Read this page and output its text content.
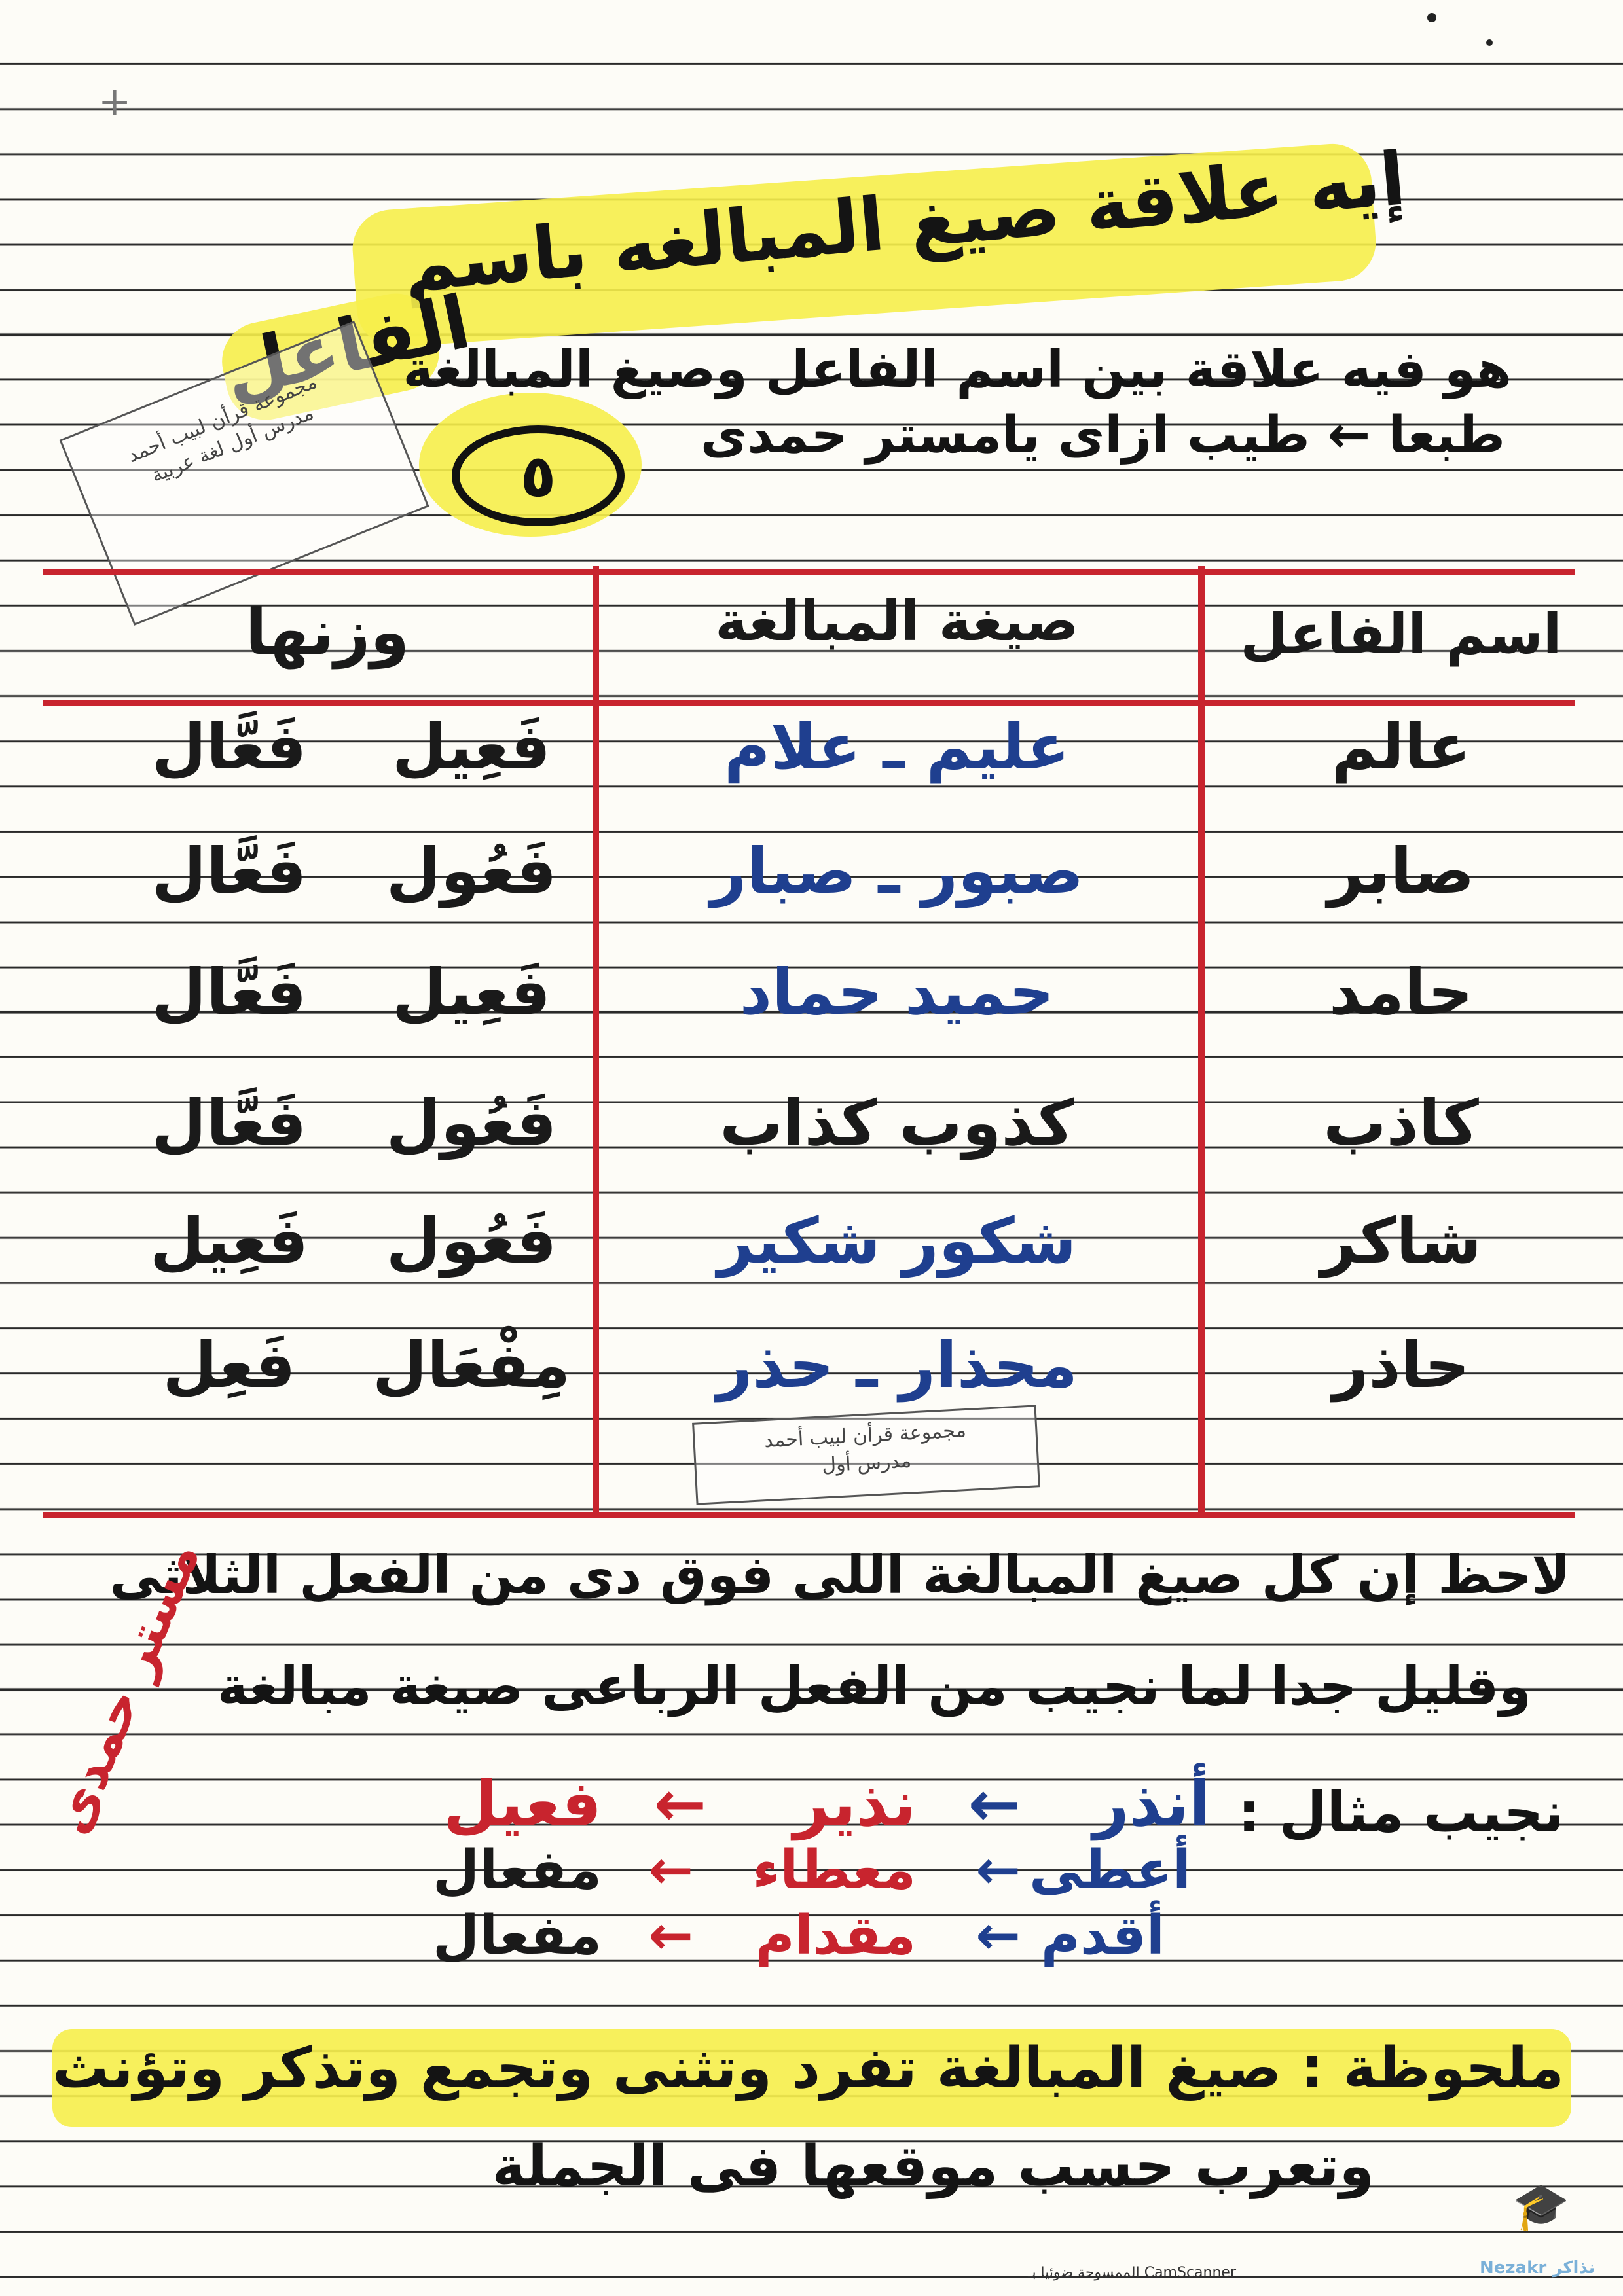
+
إيه علاقة صيغ المبالغه باسم
الفاعل
مجموعة قرأن لبيب أحمد
مدرس أول لغة عربية	٥
هو فيه علاقة بين اسم الفاعل وصيغ المبالغة
طبعا ← طيب ازاى يامستر حمدى
اسم الفاعل
صيغة المبالغة
وزنها
عالم
عليم ـ علام
فَعِيل
فَعَّال
صابر
صبور ـ صبار
فَعُول
فَعَّال
حامد
حميد حماد
فَعِيل
فَعَّال
كاذب
كذوب كذاب
فَعُول
فَعَّال
شاكر
شكور شكير
فَعُول
فَعِيل
حاذر
محذار ـ حذر
مِفْعَال
فَعِل
مجموعة قرأن لبيب أحمد
مدرس أول
لاحظ إن كل صيغ المبالغة اللى فوق دى من الفعل الثلاثى
وقليل جدا لما نجيب من الفعل الرباعى صيغة مبالغة
نجيب مثال :
أنذر
←
نذير
←
فعيل
أعطى
←
معطاء
←
مفعال
أقدم
←
مقدام
←
مفعال
مستر حمدى
ملحوظة : صيغ المبالغة تفرد وتثنى وتجمع وتذكر وتؤنث
وتعرب حسب موقعها فى الجملة
الممسوحة ضوئيا بـ CamScanner	Nezakr نذاكر
🎓
